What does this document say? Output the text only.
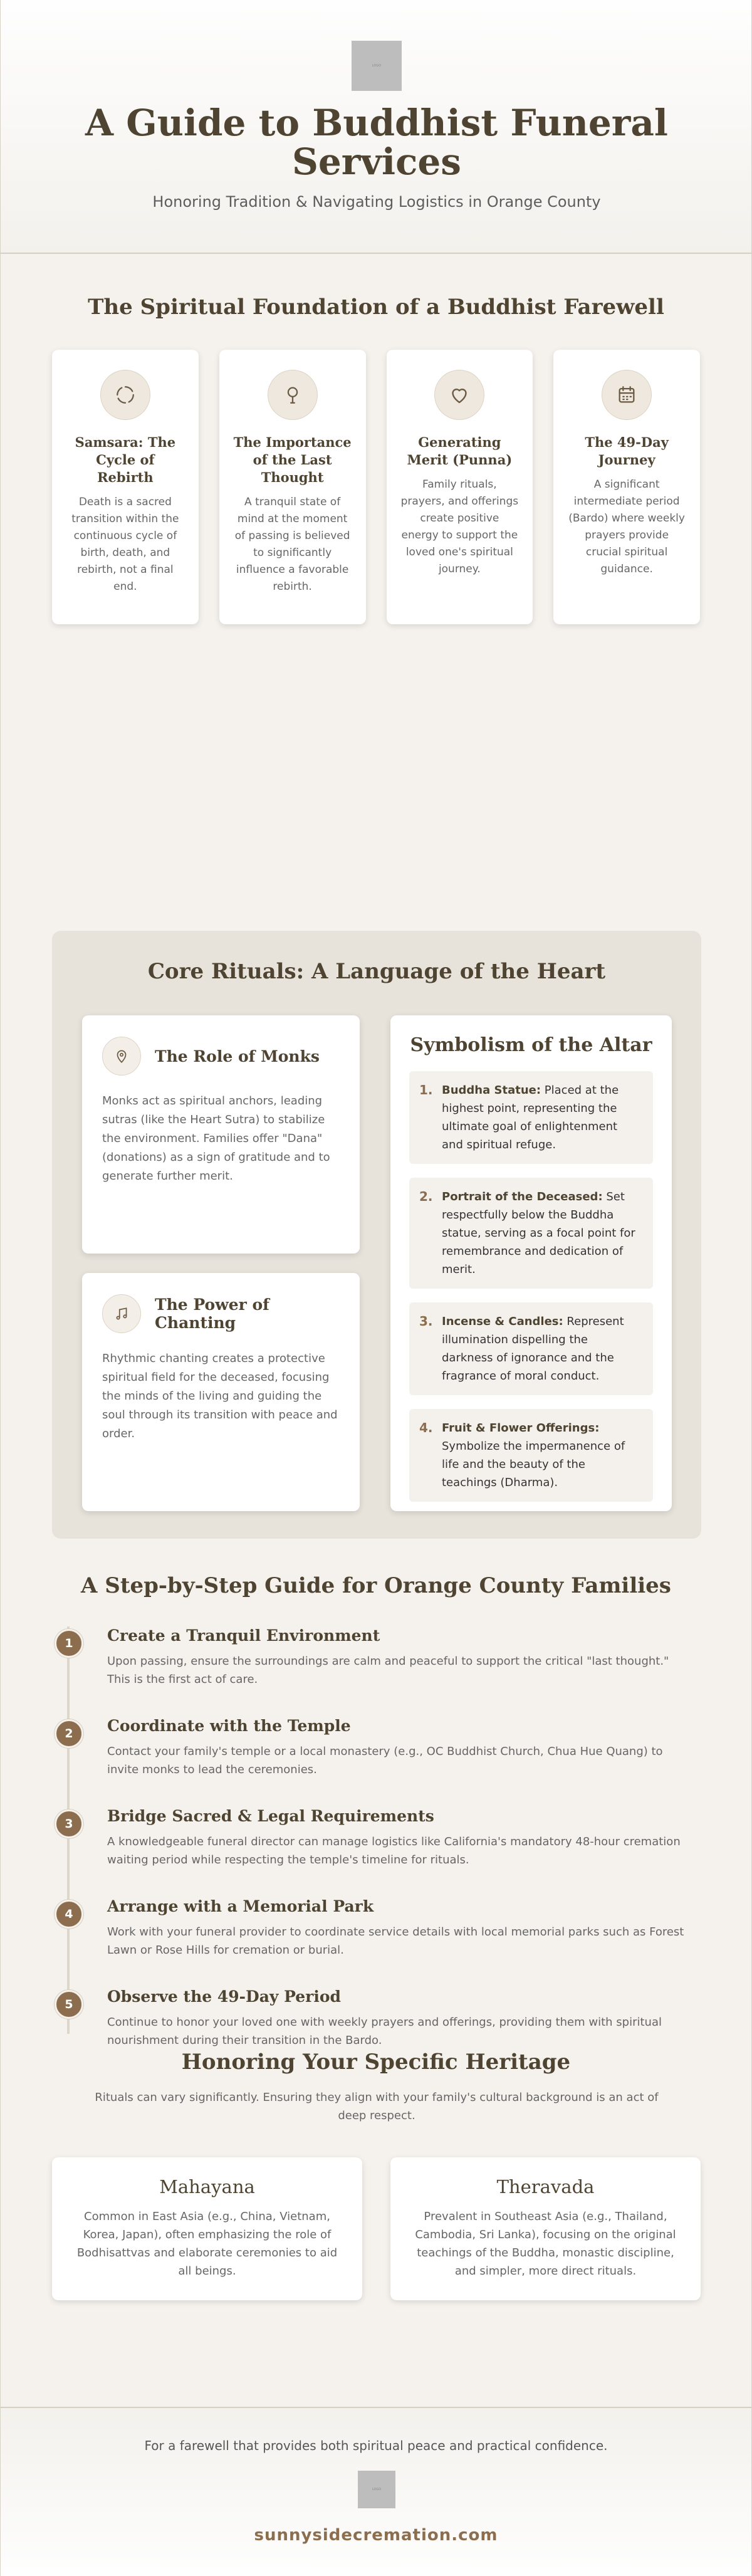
LOGO
A Guide to Buddhist Funeral Services
Honoring Tradition & Navigating Logistics in Orange County
The Spiritual Foundation of a Buddhist Farewell
Samsara: The Cycle of Rebirth

Death is a sacred transition within the continuous cycle of birth, death, and rebirth, not a final end.

The Importance of the Last Thought

A tranquil state of mind at the moment of passing is believed to significantly influence a favorable rebirth.

Generating Merit (Punna)

Family rituals, prayers, and offerings create positive energy to support the loved one's spiritual journey.

The 49-Day Journey

A significant intermediate period (Bardo) where weekly prayers provide crucial spiritual guidance.

Core Rituals: A Language of the Heart
The Role of Monks

Monks act as spiritual anchors, leading sutras (like the Heart Sutra) to stabilize the environment. Families offer "Dana" (donations) as a sign of gratitude and to generate further merit.

The Power of Chanting

Rhythmic chanting creates a protective spiritual field for the deceased, focusing the minds of the living and guiding the soul through its transition with peace and order.

Symbolism of the Altar
1. Buddha Statue: Placed at the highest point, representing the ultimate goal of enlightenment and spiritual refuge.
2. Portrait of the Deceased: Set respectfully below the Buddha statue, serving as a focal point for remembrance and dedication of merit.
3. Incense & Candles: Represent illumination dispelling the darkness of ignorance and the fragrance of moral conduct.
4. Fruit & Flower Offerings: Symbolize the impermanence of life and the beauty of the teachings (Dharma).
A Step-by-Step Guide for Orange County Families
1	Create a Tranquil Environment

Upon passing, ensure the surroundings are calm and peaceful to support the critical "last thought." This is the first act of care.

2	Coordinate with the Temple

Contact your family's temple or a local monastery (e.g., OC Buddhist Church, Chua Hue Quang) to invite monks to lead the ceremonies.

3	Bridge Sacred & Legal Requirements

A knowledgeable funeral director can manage logistics like California's mandatory 48-hour cremation waiting period while respecting the temple's timeline for rituals.

4	Arrange with a Memorial Park

Work with your funeral provider to coordinate service details with local memorial parks such as Forest Lawn or Rose Hills for cremation or burial.

5	Observe the 49-Day Period

Continue to honor your loved one with weekly prayers and offerings, providing them with spiritual nourishment during their transition in the Bardo.

Honoring Your Specific Heritage

Rituals can vary significantly. Ensuring they align with your family's cultural background is an act of deep respect.

Mahayana

Common in East Asia (e.g., China, Vietnam, Korea, Japan), often emphasizing the role of Bodhisattvas and elaborate ceremonies to aid all beings.

Theravada

Prevalent in Southeast Asia (e.g., Thailand, Cambodia, Sri Lanka), focusing on the original teachings of the Buddha, monastic discipline, and simpler, more direct rituals.

For a farewell that provides both spiritual peace and practical confidence.
LOGO
sunnysidecremation.com
